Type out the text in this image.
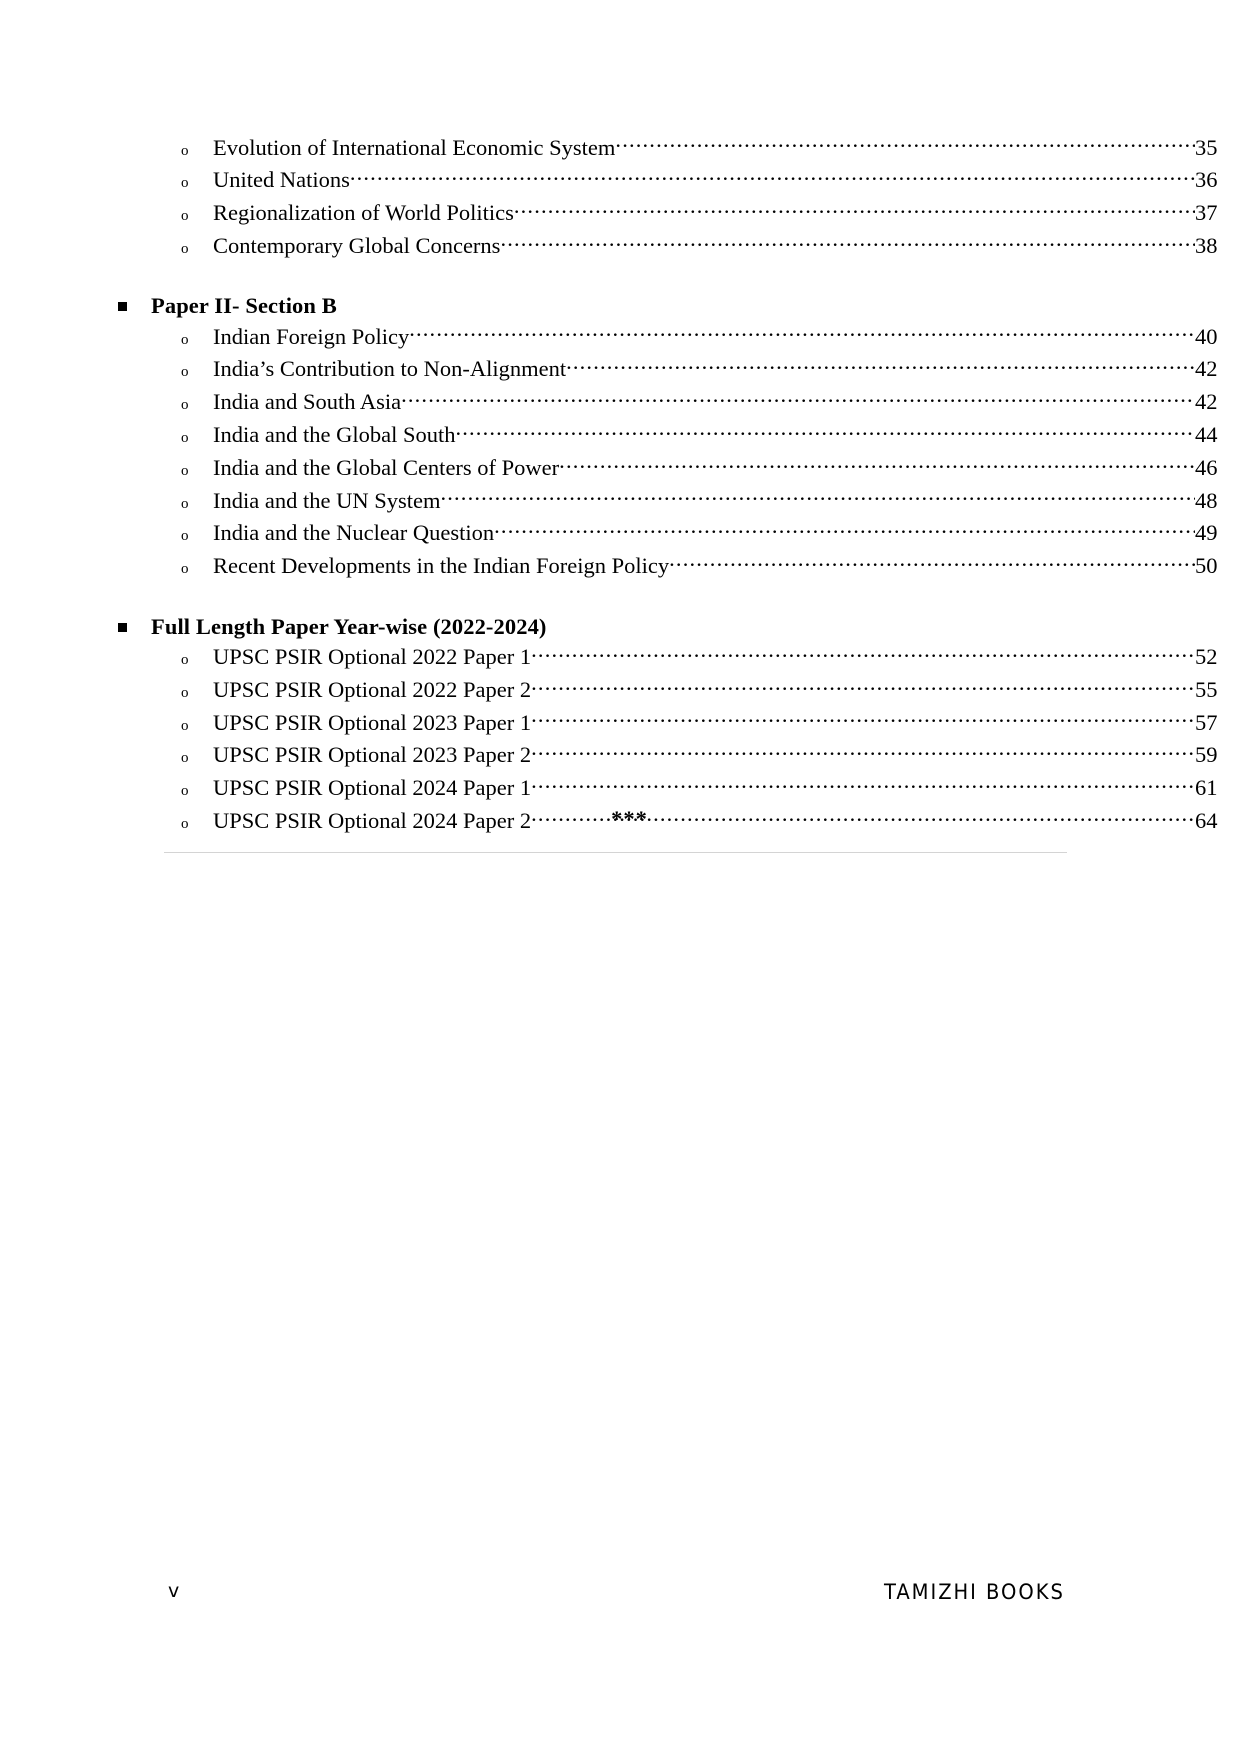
o Evolution of International Economic System .....	35
o United Nations .....	36
o Regionalization of World Politics .....	37
o Contemporary Global Concerns .....	38
Paper II- Section B
o Indian Foreign Policy .....	40
o India’s Contribution to Non-Alignment .....	42
o India and South Asia .....	42
o India and the Global South .....	44
o India and the Global Centers of Power .....	46
o India and the UN System .....	48
o India and the Nuclear Question .....	49
o Recent Developments in the Indian Foreign Policy .....	50
Full Length Paper Year-wise (2022-2024)
o UPSC PSIR Optional 2022 Paper 1 .....	52
o UPSC PSIR Optional 2022 Paper 2 .....	55
o UPSC PSIR Optional 2023 Paper 1 .....	57
o UPSC PSIR Optional 2023 Paper 2 .....	59
o UPSC PSIR Optional 2024 Paper 1 .....	61
o UPSC PSIR Optional 2024 Paper 2 .....	64
***
v	TAMIZHI BOOKS
